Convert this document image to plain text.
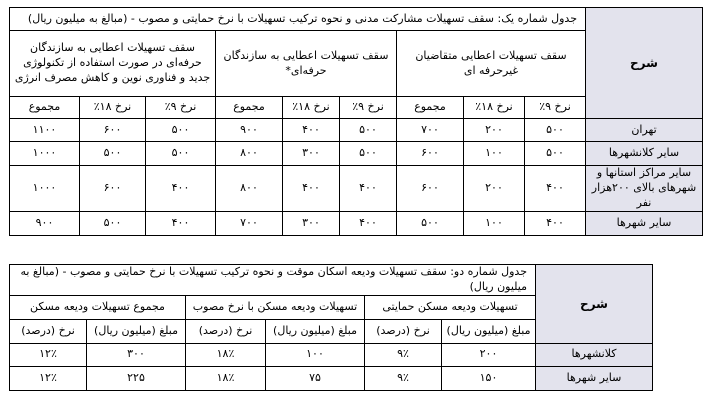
شرح	جدول شماره یک: سقف تسهیلات مشارکت مدنی و نحوه ترکیب تسهیلات با نرخ حمایتی و مصوب - (مبالغ به میلیون ریال)								
	سقف تسهیلات اعطایی متقاضیان غیرحرفه ای			سقف تسهیلات اعطایی به سازندگان حرفه‌ای*			سقف تسهیلات اعطایی به سازندگان حرفه‌ای در صورت استفاده از تکنولوژی جدید و فناوری نوین و کاهش مصرف انرژی		
	نرخ ۹٪	نرخ ۱۸٪	مجموع	نرخ ۹٪	نرخ ۱۸٪	مجموع	نرخ ۹٪	نرخ ۱۸٪	مجموع
تهران	۵۰۰	۲۰۰	۷۰۰	۵۰۰	۴۰۰	۹۰۰	۵۰۰	۶۰۰	۱۱۰۰
سایر کلانشهرها	۵۰۰	۱۰۰	۶۰۰	۵۰۰	۳۰۰	۸۰۰	۵۰۰	۵۰۰	۱۰۰۰
سایر مراکز استانها و شهرهای بالای ۲۰۰هزار نفر	۴۰۰	۲۰۰	۶۰۰	۴۰۰	۴۰۰	۸۰۰	۴۰۰	۶۰۰	۱۰۰۰
سایر شهرها	۴۰۰	۱۰۰	۵۰۰	۴۰۰	۳۰۰	۷۰۰	۴۰۰	۵۰۰	۹۰۰
شرح	جدول شماره دو: سقف تسهیلات ودیعه اسکان موقت و نحوه ترکیب تسهیلات با نرخ حمایتی و مصوب - (مبالغ به میلیون ریال)					
	تسهیلات ودیعه مسکن حمایتی		تسهیلات ودیعه مسکن با نرخ مصوب		مجموع تسهیلات ودیعه مسکن	
	مبلغ (میلیون ریال)	نرخ (درصد)	مبلغ (میلیون ریال)	نرخ (درصد)	مبلغ (میلیون ریال)	نرخ (درصد)
کلانشهرها	۲۰۰	۹٪	۱۰۰	۱۸٪	۳۰۰	۱۲٪
سایر شهرها	۱۵۰	۹٪	۷۵	۱۸٪	۲۲۵	۱۲٪
